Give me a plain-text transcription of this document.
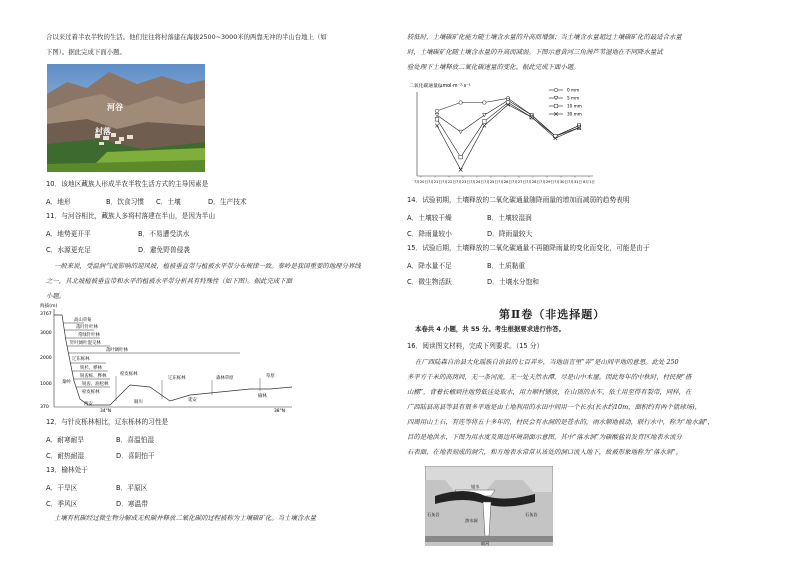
合以来过着半农半牧的生活。他们往往将村落建在海拔2500~3000米的两靠无冲的半山台地上（如
下图）。据此完成下面小题。
河谷
村落
10．该地区藏族人形成半农半牧生活方式的主导因素是
A．地形	B．饮食习惯 C．土壤	D．生产技术
11．与河谷相比，藏族人多将村落建在半山，是因为半山
A．地势更开平	B．不易遭受洪水
C．水源更充足	D．避免野兽侵袭
一般来说，受温润气流影响的迎风坡，植被垂直带与植被水平带分布规律一致。秦岭是我国重要的地理分界线
之一，其北坡植被垂直带和水平的植被水平带分析具有特殊性（如下图）。据此完成下面
小题。
海拔(m)
3767
3000
2000
1000
370
高山草甸
落叶针叶林
常绿针叶林
针叶阔叶混交林
落叶阔叶林
辽东栎林
铁杉、桦林
锐齿栎、桦林
锐齿、油松林
栓皮栎林
秦岭
西安	铜川	延安
榆林
栓皮栎林
辽东栎林	森林草原	草原
34°N	38°N
12．与针皮栎林相比，辽东栎林的习性是
A．耐寒耐旱	B．喜温怕湿
C．耐热耐湿	D．喜阴怕干
13．榆林处于
A．干旱区	B．平原区
C．季风区	D．寒温带
土壤有机碳经过微生物分解成无机碳并释放二氧化碳的过程被称为土壤碳矿化。当土壤含水量
较低时，土壤碳矿化能力随土壤含水量的升高而增强；当土壤含水量超过土壤碳矿化的最适合水量
时，土壤碳矿化随土壤含水量的升高而减弱。下图示意黄河三角洲芦苇湿地在不同降水量试
验处理下土壤释放二氧化碳速量的变化。据此完成下面小题。
二氧化碳通量/μmol·m⁻²·s⁻¹
7月20日 7月21日 7月22日 7月23日 7月24日 7月25日 7月26日 7月27日 7月28日 7月29日 7月30日 7月31日 8月1日
0 mm
5 mm
10 mm
30 mm
14．试验初期，土壤释放的二氧化碳通量随降雨量的增加而减弱的趋势表明
A．土壤较干燥	B．土壤较湿润
C．降雨量较小	D．降雨量较大
15．试验后期，土壤释放的二氧化碳通量不再随降雨量的变化而变化，可能是由于
A．降水量不足	B．土质黏重
C．微生物活跃	D．土壤水分饱和
第Ⅱ卷（非选择题）
本卷共 4 小题，共 55 分。考生根据要求进行作答。
16．阅读图文材料，完成下列要求。（15 分）
在广西陆森自治县大化瑶族自治县的七百弄乡，当地语言里“弄”是山间平地的意思。此处 250
多平方千米的高岗间，无一条河流，无一处天然水潭，尽是山中木屋。因此每年的中秋时，村民便“搭
山棚”，背着长桶到往地势低洼处取水，用力顺村铺放，在山顶的水车，依土用至得有裂带，同样，在
广西陆县高县等县有很多平地是由土地利用的水田中间用一个长水(长水约10m，面积约有两个篮球场)，
四周用山土石，有连等将五十多年的，村民会有水洞的是苍水的，雨水顺地被动，联行水中，称为“地水漏”，
目的是地洪水，下图为用水度及周边环境剖面示意图，其中“落水洞”为碳酸盐岩发育区地表水流分
石表面，在地表刻成的洞穴，和方地表水常常从该处的洞口流入地下，故被形象地称为“落水洞”。
石灰岩	石灰岩
溶水洞
旭水
暗河
